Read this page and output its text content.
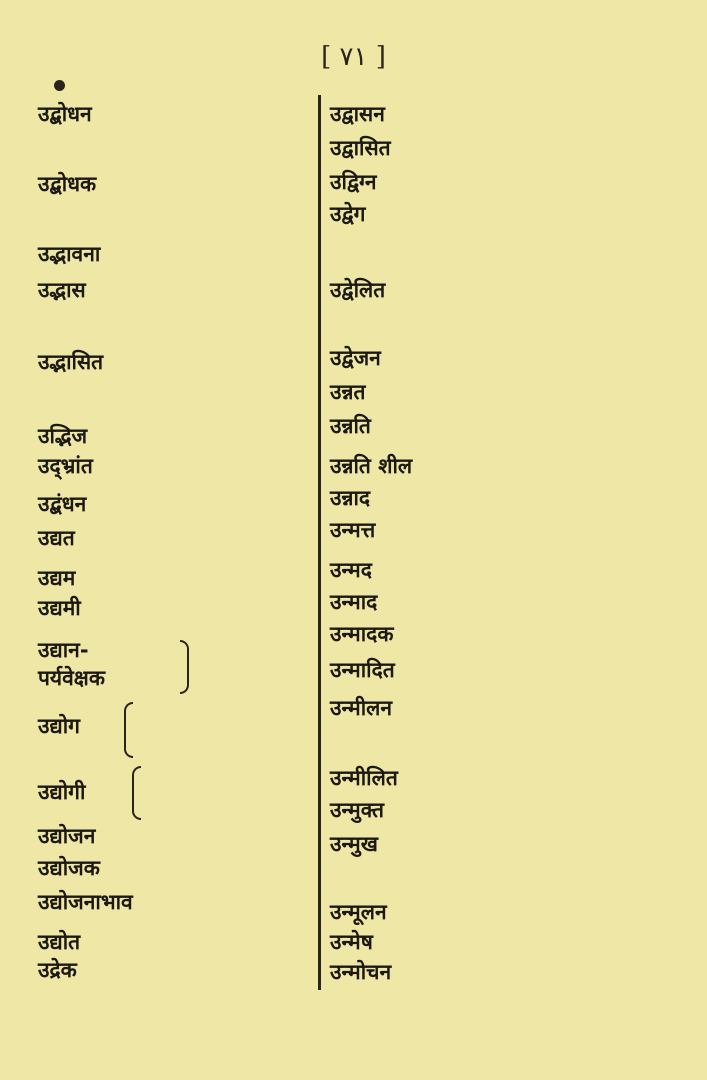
[ ٧١ ]
उद्बोधन
उद्बोधक
उद्भावना
उद्भास
उद्भासित
उद्भिज
उद्भ्रांत
उद्बंधन
उद्यत
उद्यम
उद्यमी
उद्यान-
पर्यवेक्षक
उद्योग
उद्योगी
उद्योजन
उद्योजक
उद्योजनाभाव
उद्योत
उद्रेक
उद्वासन
उद्वासित
उद्विग्न
उद्वेग
उद्वेलित
उद्वेजन
उन्नत
उन्नति
उन्नति शील
उन्नाद
उन्मत्त
उन्मद
उन्माद
उन्मादक
उन्मादित
उन्मीलन
उन्मीलित
उन्मुक्त
उन्मुख
उन्मूलन
उन्मेष
उन्मोचन
